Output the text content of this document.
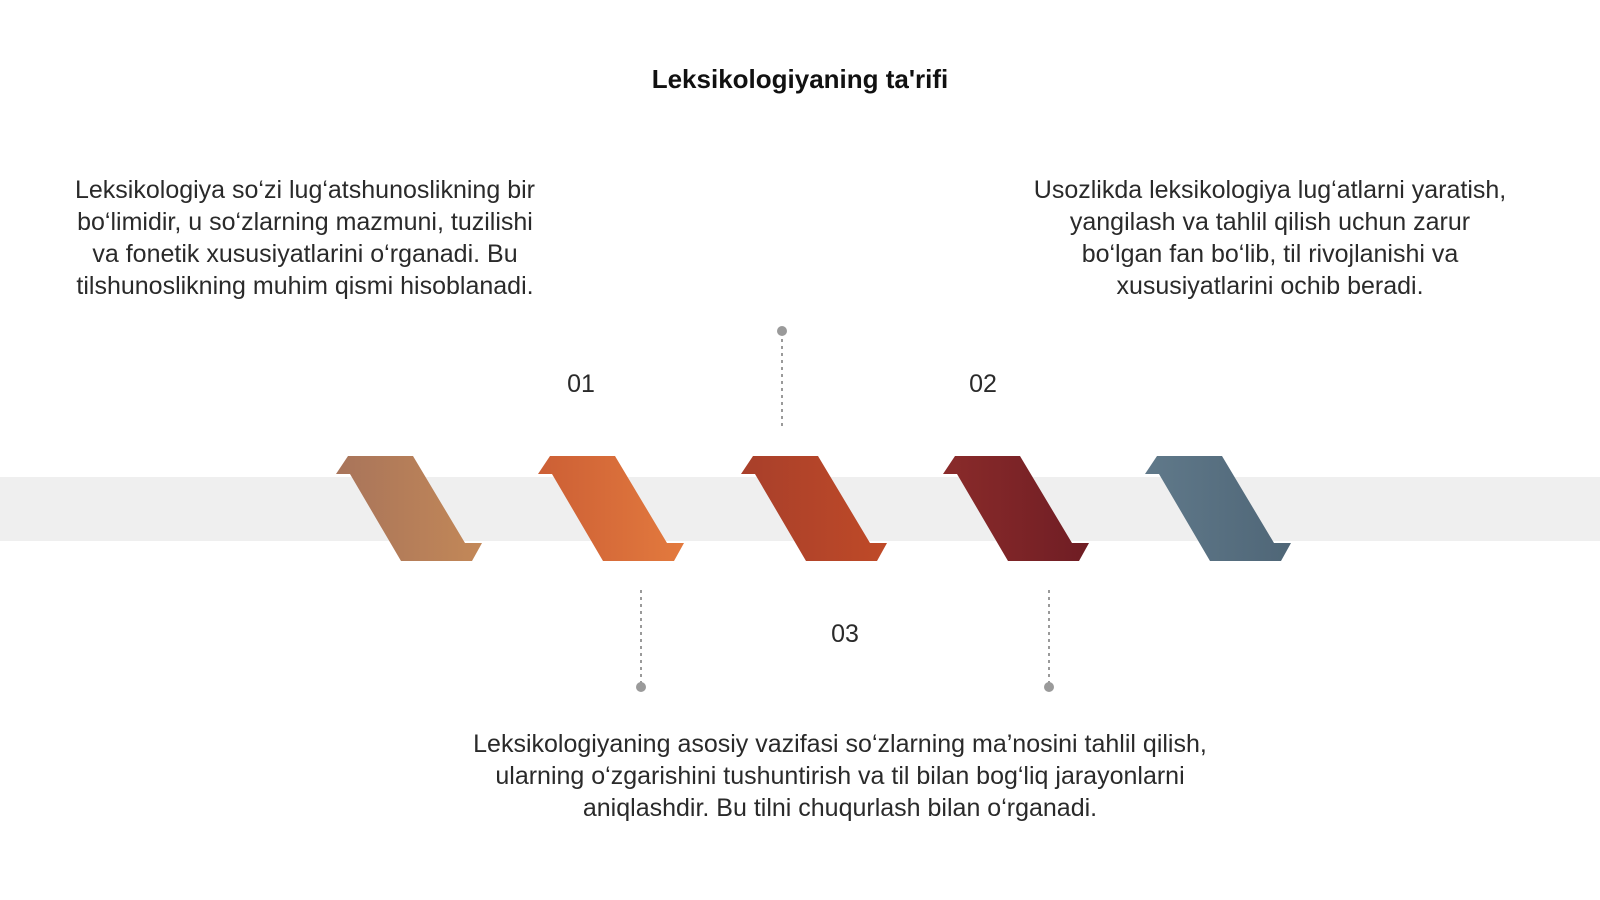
Leksikologiyaning ta'rifi
Leksikologiya so‘zi lug‘atshunoslikning bir bo‘limidir, u so‘zlarning mazmuni, tuzilishi va fonetik xususiyatlarini o‘rganadi. Bu tilshunoslikning muhim qismi hisoblanadi.
Usozlikda leksikologiya lug‘atlarni yaratish, yangilash va tahlil qilish uchun zarur bo‘lgan fan bo‘lib, til rivojlanishi va xususiyatlarini ochib beradi.
Leksikologiyaning asosiy vazifasi so‘zlarning ma’nosini tahlil qilish, ularning o‘zgarishini tushuntirish va til bilan bog‘liq jarayonlarni aniqlashdir. Bu tilni chuqurlash bilan o‘rganadi.
01	02
03
